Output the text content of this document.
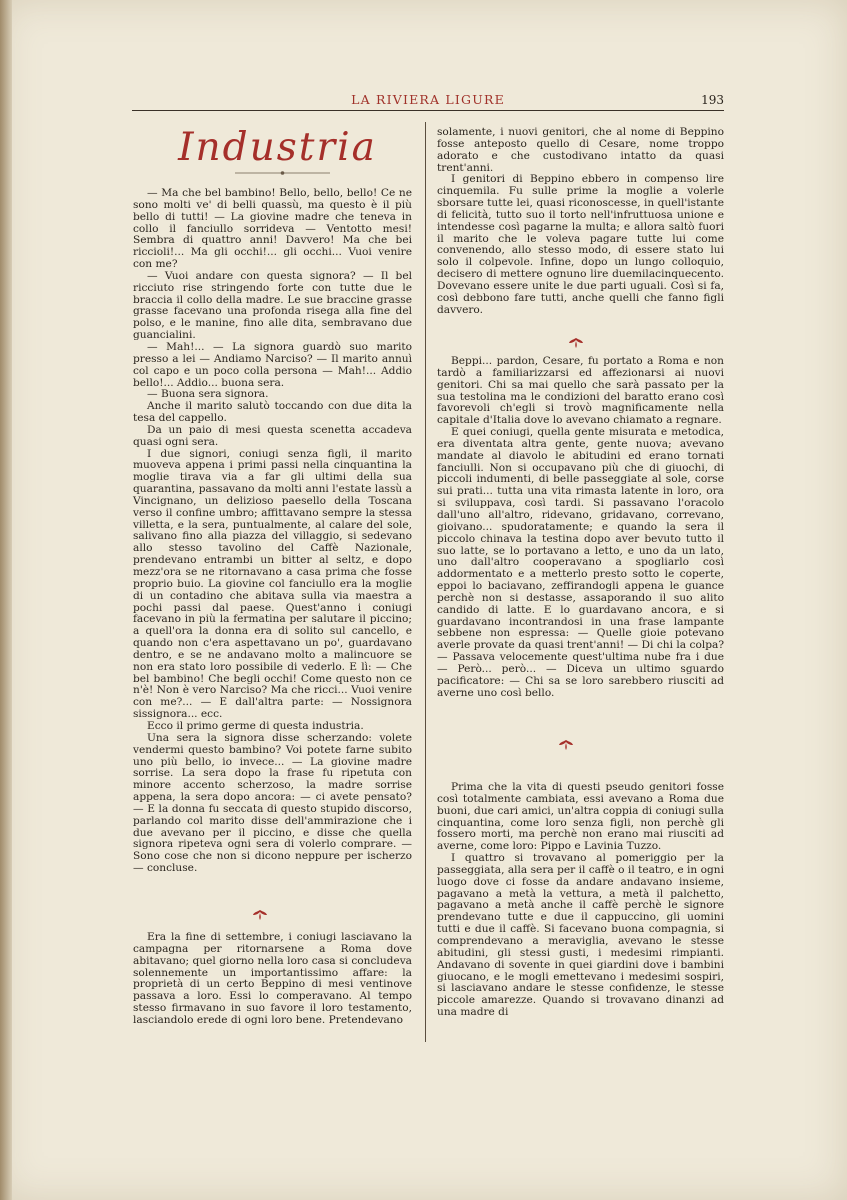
LA RIVIERA LIGURE	193
Industria

— Ma che bel bambino! Bello, bello, bello! Ce ne sono molti ve' di belli quassù, ma questo è il più bello di tutti! — La giovine madre che teneva in collo il fanciullo sorrideva — Ventotto mesi! Sembra di quattro anni! Davvero! Ma che bei riccioli!... Ma gli occhi!... gli occhi... Vuoi venire con me?

— Vuoi andare con questa signora? — Il bel ricciuto rise stringendo forte con tutte due le braccia il collo della madre. Le sue braccine grasse grasse facevano una profonda risega alla fine del polso, e le manine, fino alle dita, sembravano due guancialini.

— Mah!... — La signora guardò suo marito presso a lei — Andiamo Narciso? — Il marito annuì col capo e un poco colla persona — Mah!... Addio bello!... Addio... buona sera.

— Buona sera signora.

Anche il marito salutò toccando con due dita la tesa del cappello.

Da un paio di mesi questa scenetta accadeva quasi ogni sera.

I due signori, coniugi senza figli, il marito muoveva appena i primi passi nella cinquantina la moglie tirava via a far gli ultimi della sua quarantina, passavano da molti anni l'estate lassù a Vincignano, un delizioso paesello della Toscana verso il confine umbro; affittavano sempre la stessa villetta, e la sera, puntualmente, al calare del sole, salivano fino alla piazza del villaggio, si sedevano allo stesso tavolino del Caffè Nazionale, prendevano entrambi un bitter al seltz, e dopo mezz'ora se ne ritornavano a casa prima che fosse proprio buio. La giovine col fanciullo era la moglie di un contadino che abitava sulla via maestra a pochi passi dal paese. Quest'anno i coniugi facevano in più la fermatina per salutare il piccino; a quell'ora la donna era di solito sul cancello, e quando non c'era aspettavano un po', guardavano dentro, e se ne andavano molto a malincuore se non era stato loro possibile di vederlo. E lì: — Che bel bambino! Che begli occhi! Come questo non ce n'è! Non è vero Narciso? Ma che ricci... Vuoi venire con me?... — E dall'altra parte: — Nossignora sissignora... ecc.

Ecco il primo germe di questa industria.

Una sera la signora disse scherzando: volete vendermi questo bambino? Voi potete farne subito uno più bello, io invece... — La giovine madre sorrise. La sera dopo la frase fu ripetuta con minore accento scherzoso, la madre sorrise appena, la sera dopo ancora: — ci avete pensato? — E la donna fu seccata di questo stupido discorso, parlando col marito disse dell'ammirazione che i due avevano per il piccino, e disse che quella signora ripeteva ogni sera di volerlo comprare. — Sono cose che non si dicono neppure per ischerzo — concluse.

Era la fine di settembre, i coniugi lasciavano la campagna per ritornarsene a Roma dove abitavano; quel giorno nella loro casa si concludeva solennemente un importantissimo affare: la proprietà di un certo Beppino di mesi ventinove passava a loro. Essi lo comperavano. Al tempo stesso firmavano in suo favore il loro testamento, lasciandolo erede di ogni loro bene. Pretendevano

solamente, i nuovi genitori, che al nome di Beppino fosse anteposto quello di Cesare, nome troppo adorato e che custodivano intatto da quasi trent'anni.

I genitori di Beppino ebbero in compenso lire cinquemila. Fu sulle prime la moglie a volerle sborsare tutte lei, quasi riconoscesse, in quell'istante di felicità, tutto suo il torto nell'infruttuosa unione e intendesse così pagarne la multa; e allora saltò fuori il marito che le voleva pagare tutte lui come convenendo, allo stesso modo, di essere stato lui solo il colpevole. Infine, dopo un lungo colloquio, decisero di mettere ognuno lire duemilacinquecento. Dovevano essere unite le due parti uguali. Così si fa, così debbono fare tutti, anche quelli che fanno figli davvero.

Beppi... pardon, Cesare, fu portato a Roma e non tardò a familiarizzarsi ed affezionarsi ai nuovi genitori. Chi sa mai quello che sarà passato per la sua testolina ma le condizioni del baratto erano così favorevoli ch'egli si trovò magnificamente nella capitale d'Italia dove lo avevano chiamato a regnare.

E quei coniugi, quella gente misurata e metodica, era diventata altra gente, gente nuova; avevano mandate al diavolo le abitudini ed erano tornati fanciulli. Non si occupavano più che di giuochi, di piccoli indumenti, di belle passeggiate al sole, corse sui prati... tutta una vita rimasta latente in loro, ora si sviluppava, così tardi. Si passavano l'oracolo dall'uno all'altro, ridevano, gridavano, correvano, gioivano... spudoratamente; e quando la sera il piccolo chinava la testina dopo aver bevuto tutto il suo latte, se lo portavano a letto, e uno da un lato, uno dall'altro cooperavano a spogliarlo così addormentato e a metterlo presto sotto le coperte, eppoi lo baciavano, zeffirandogli appena le guance perchè non si destasse, assaporando il suo alito candido di latte. E lo guardavano ancora, e si guardavano incontrandosi in una frase lampante sebbene non espressa: — Quelle gioie potevano averle provate da quasi trent'anni! — Di chi la colpa? — Passava velocemente quest'ultima nube fra i due — Però... però... — Diceva un ultimo sguardo pacificatore: — Chi sa se loro sarebbero riusciti ad averne uno così bello.

Prima che la vita di questi pseudo genitori fosse così totalmente cambiata, essi avevano a Roma due buoni, due cari amici, un'altra coppia di coniugi sulla cinquantina, come loro senza figli, non perchè gli fossero morti, ma perchè non erano mai riusciti ad averne, come loro: Pippo e Lavinia Tuzzo.

I quattro si trovavano al pomeriggio per la passeggiata, alla sera per il caffè o il teatro, e in ogni luogo dove ci fosse da andare andavano insieme, pagavano a metà la vettura, a metà il palchetto, pagavano a metà anche il caffè perchè le signore prendevano tutte e due il cappuccino, gli uomini tutti e due il caffè. Si facevano buona compagnia, si comprendevano a meraviglia, avevano le stesse abitudini, gli stessi gusti, i medesimi rimpianti. Andavano di sovente in quei giardini dove i bambini giuocano, e le mogli emettevano i medesimi sospiri, si lasciavano andare le stesse confidenze, le stesse piccole amarezze. Quando si trovavano dinanzi ad una madre di
